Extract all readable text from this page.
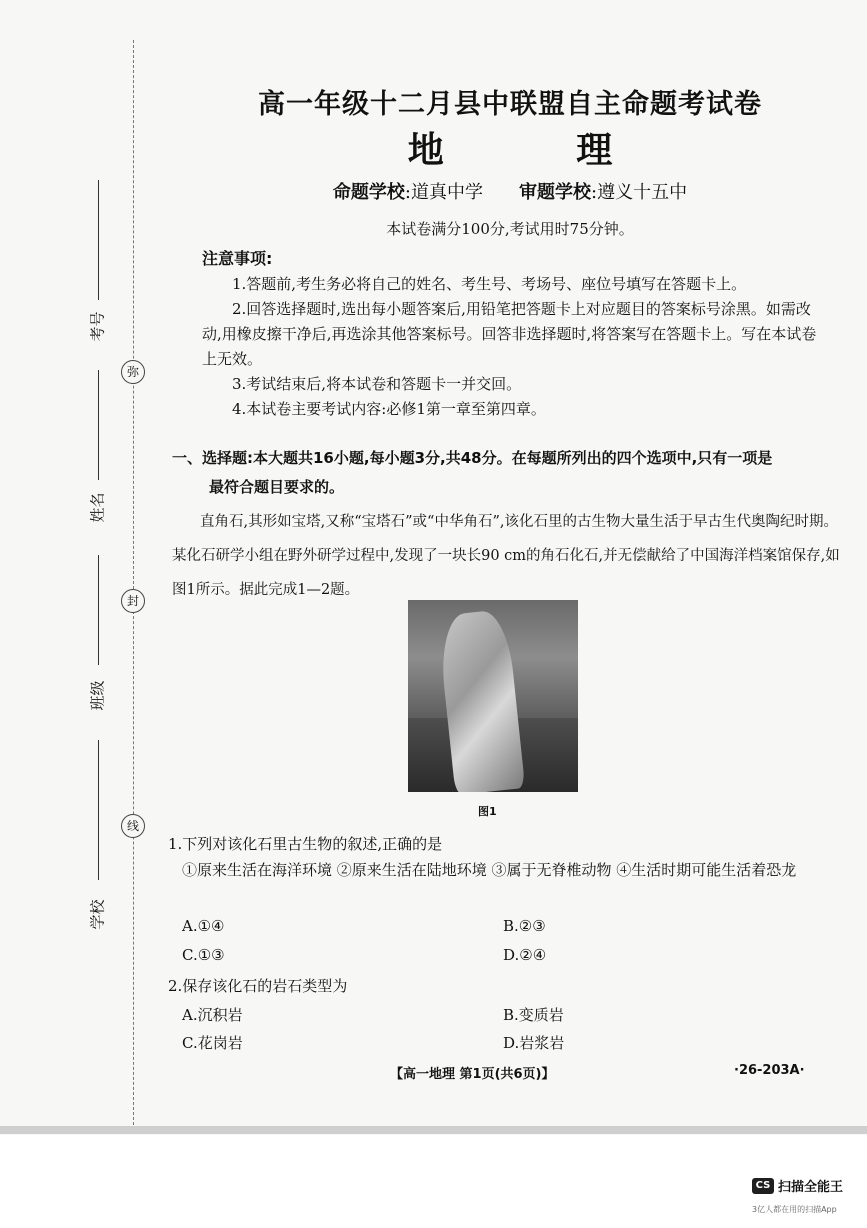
弥
封
线
考号
姓名
班级
学校
高一年级十二月县中联盟自主命题考试卷
地 理
命题学校:道真中学 审题学校:遵义十五中
本试卷满分100分,考试用时75分钟。
注意事项:
1.答题前,考生务必将自己的姓名、考生号、考场号、座位号填写在答题卡上。
2.回答选择题时,选出每小题答案后,用铅笔把答题卡上对应题目的答案标号涂黑。如需改动,用橡皮擦干净后,再选涂其他答案标号。回答非选择题时,将答案写在答题卡上。写在本试卷上无效。
3.考试结束后,将本试卷和答题卡一并交回。
4.本试卷主要考试内容:必修1第一章至第四章。
一、选择题:本大题共16小题,每小题3分,共48分。在每题所列出的四个选项中,只有一项是
最符合题目要求的。
直角石,其形如宝塔,又称“宝塔石”或“中华角石”,该化石里的古生物大量生活于早古生代奥陶纪时期。某化石研学小组在野外研学过程中,发现了一块长90 cm的角石化石,并无偿献给了中国海洋档案馆保存,如图1所示。据此完成1—2题。
图1
1.下列对该化石里古生物的叙述,正确的是
①原来生活在海洋环境 ②原来生活在陆地环境 ③属于无脊椎动物 ④生活时期可能生活着恐龙
A.①④	B.②③
C.①③	D.②④
2.保存该化石的岩石类型为
A.沉积岩	B.变质岩
C.花岗岩	D.岩浆岩
【高一地理 第1页(共6页)】	·26-203A·
CS 扫描全能王
3亿人都在用的扫描App
